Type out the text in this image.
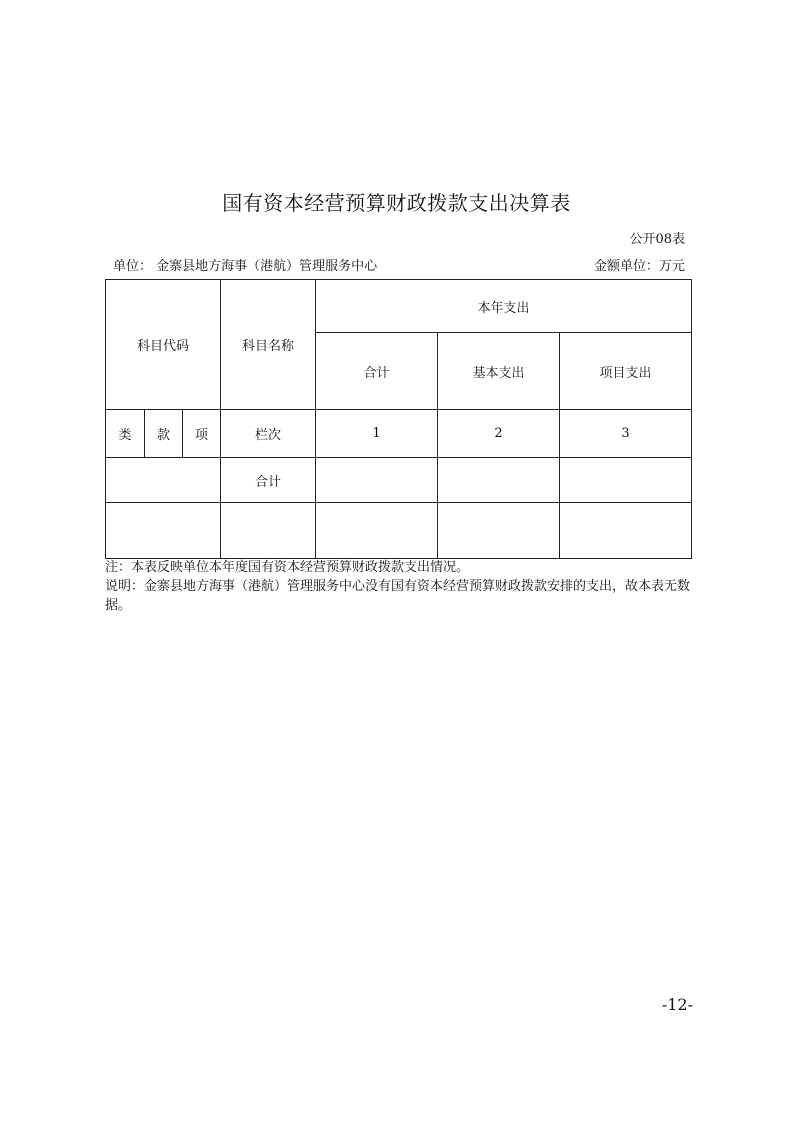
国有资本经营预算财政拨款支出决算表
公开08表
单位： 金寨县地方海事（港航）管理服务中心	金额单位：万元
科目代码			科目名称	本年支出		
				合计	基本支出	项目支出
类	款	项	栏次	1	2	3
			合计			

注：本表反映单位本年度国有资本经营预算财政拨款支出情况。
说明：金寨县地方海事（港航）管理服务中心没有国有资本经营预算财政拨款安排的支出，故本表无数据。
-12-
